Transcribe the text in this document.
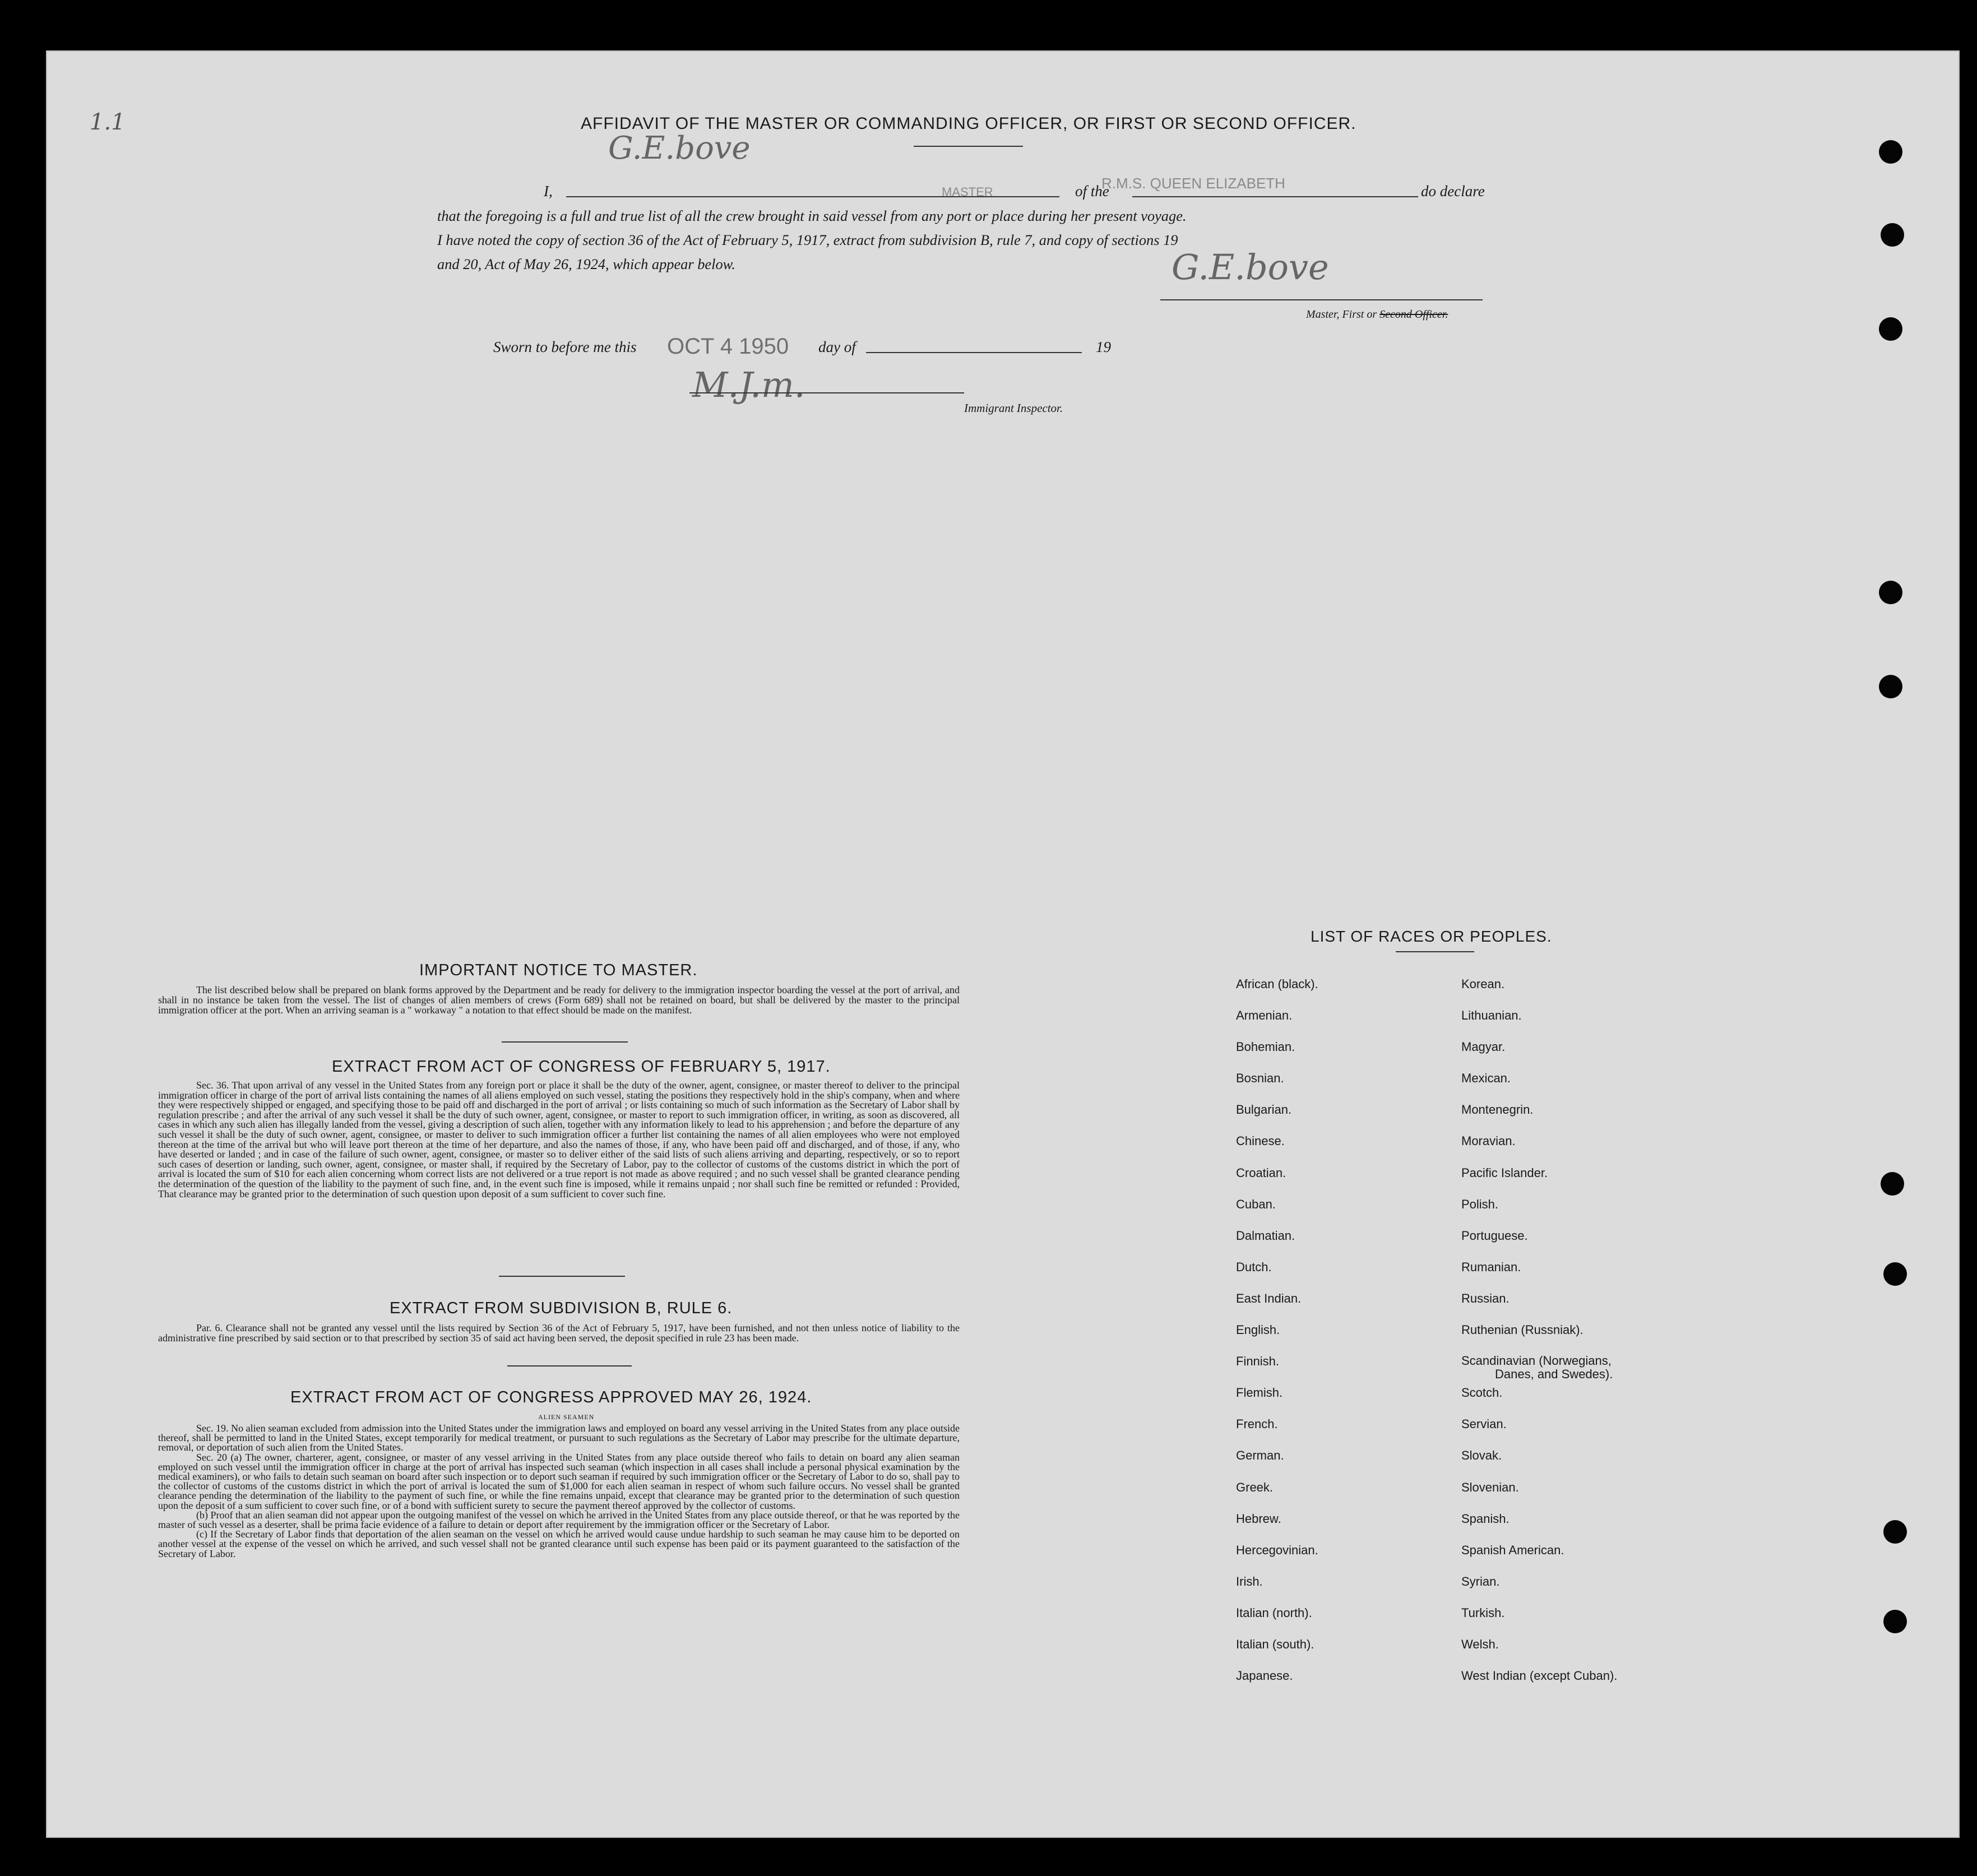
1.1	AFFIDAVIT OF THE MASTER OR COMMANDING OFFICER, OR FIRST OR SECOND OFFICER.
G.E.bove
I,	MASTER	of the
R.M.S. QUEEN ELIZABETH	do declare
that the foregoing is a full and true list of all the crew brought in said vessel from any port or place during her present voyage.
I have noted the copy of section 36 of the Act of February 5, 1917, extract from subdivision B, rule 7, and copy of sections 19
and 20, Act of May 26, 1924, which appear below.	G.E.bove
Master, First or Second Officer.
Sworn to before me this OCT 4 1950 day of	19
M.J.m.
Immigrant Inspector.
IMPORTANT NOTICE TO MASTER.
The list described below shall be prepared on blank forms approved by the Department and be ready for delivery to the immigration inspector boarding the vessel at the port of arrival, and shall in no instance be taken from the vessel. The list of changes of alien members of crews (Form 689) shall not be retained on board, but shall be delivered by the master to the principal immigration officer at the port. When an arriving seaman is a " workaway " a notation to that effect should be made on the manifest.
EXTRACT FROM ACT OF CONGRESS OF FEBRUARY 5, 1917.
Sec. 36. That upon arrival of any vessel in the United States from any foreign port or place it shall be the duty of the owner, agent, consignee, or master thereof to deliver to the principal immigration officer in charge of the port of arrival lists containing the names of all aliens employed on such vessel, stating the positions they respectively hold in the ship's company, when and where they were respectively shipped or engaged, and specifying those to be paid off and discharged in the port of arrival ; or lists containing so much of such information as the Secretary of Labor shall by regulation prescribe ; and after the arrival of any such vessel it shall be the duty of such owner, agent, consignee, or master to report to such immigration officer, in writing, as soon as discovered, all cases in which any such alien has illegally landed from the vessel, giving a description of such alien, together with any information likely to lead to his apprehension ; and before the departure of any such vessel it shall be the duty of such owner, agent, consignee, or master to deliver to such immigration officer a further list containing the names of all alien employees who were not employed thereon at the time of the arrival but who will leave port thereon at the time of her departure, and also the names of those, if any, who have been paid off and discharged, and of those, if any, who have deserted or landed ; and in case of the failure of such owner, agent, consignee, or master so to deliver either of the said lists of such aliens arriving and departing, respectively, or so to report such cases of desertion or landing, such owner, agent, consignee, or master shall, if required by the Secretary of Labor, pay to the collector of customs of the customs district in which the port of arrival is located the sum of $10 for each alien concerning whom correct lists are not delivered or a true report is not made as above required ; and no such vessel shall be granted clearance pending the determination of the question of the liability to the payment of such fine, and, in the event such fine is imposed, while it remains unpaid ; nor shall such fine be remitted or refunded : Provided, That clearance may be granted prior to the determination of such question upon deposit of a sum sufficient to cover such fine.
EXTRACT FROM SUBDIVISION B, RULE 6.
Par. 6. Clearance shall not be granted any vessel until the lists required by Section 36 of the Act of February 5, 1917, have been furnished, and not then unless notice of liability to the administrative fine prescribed by said section or to that prescribed by section 35 of said act having been served, the deposit specified in rule 23 has been made.
EXTRACT FROM ACT OF CONGRESS APPROVED MAY 26, 1924.
ALIEN SEAMEN
Sec. 19. No alien seaman excluded from admission into the United States under the immigration laws and employed on board any vessel arriving in the United States from any place outside thereof, shall be permitted to land in the United States, except temporarily for medical treatment, or pursuant to such regulations as the Secretary of Labor may prescribe for the ultimate departure, removal, or deportation of such alien from the United States.
Sec. 20 (a) The owner, charterer, agent, consignee, or master of any vessel arriving in the United States from any place outside thereof who fails to detain on board any alien seaman employed on such vessel until the immigration officer in charge at the port of arrival has inspected such seaman (which inspection in all cases shall include a personal physical examination by the medical examiners), or who fails to detain such seaman on board after such inspection or to deport such seaman if required by such immigration officer or the Secretary of Labor to do so, shall pay to the collector of customs of the customs district in which the port of arrival is located the sum of $1,000 for each alien seaman in respect of whom such failure occurs. No vessel shall be granted clearance pending the determination of the liability to the payment of such fine, or while the fine remains unpaid, except that clearance may be granted prior to the determination of such question upon the deposit of a sum sufficient to cover such fine, or of a bond with sufficient surety to secure the payment thereof approved by the collector of customs.
(b) Proof that an alien seaman did not appear upon the outgoing manifest of the vessel on which he arrived in the United States from any place outside thereof, or that he was reported by the master of such vessel as a deserter, shall be prima facie evidence of a failure to detain or deport after requirement by the immigration officer or the Secretary of Labor.
(c) If the Secretary of Labor finds that deportation of the alien seaman on the vessel on which he arrived would cause undue hardship to such seaman he may cause him to be deported on another vessel at the expense of the vessel on which he arrived, and such vessel shall not be granted clearance until such expense has been paid or its payment guaranteed to the satisfaction of the Secretary of Labor.
LIST OF RACES OR PEOPLES.
African (black).
Armenian.
Bohemian.
Bosnian.
Bulgarian.
Chinese.
Croatian.
Cuban.
Dalmatian.
Dutch.
East Indian.
English.
Finnish.
Flemish.
French.
German.
Greek.
Hebrew.
Hercegovinian.
Irish.
Italian (north).
Italian (south).
Japanese.
Korean.
Lithuanian.
Magyar.
Mexican.
Montenegrin.
Moravian.
Pacific Islander.
Polish.
Portuguese.
Rumanian.
Russian.
Ruthenian (Russniak).
Scandinavian (Norwegians,
Danes, and Swedes).
Scotch.
Servian.
Slovak.
Slovenian.
Spanish.
Spanish American.
Syrian.
Turkish.
Welsh.
West Indian (except Cuban).
